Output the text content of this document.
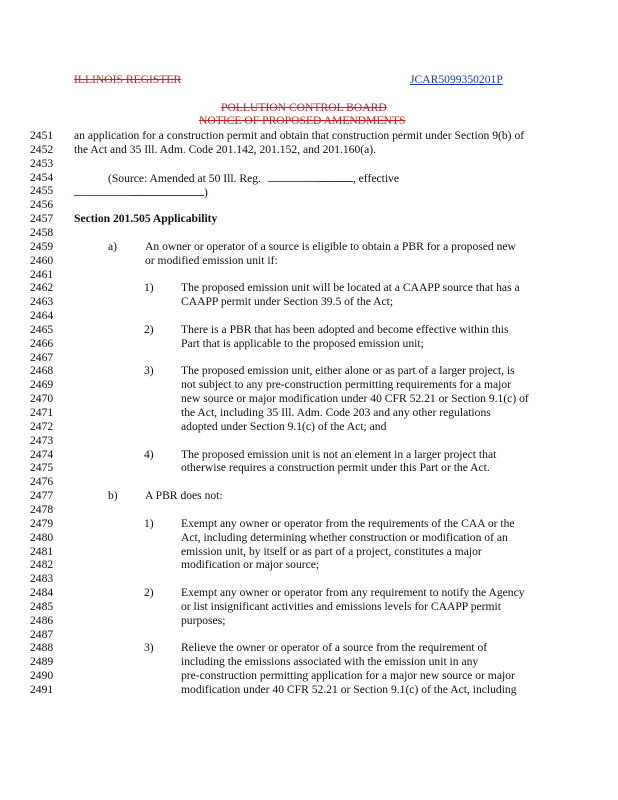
ILLINOIS REGISTER	JCAR5099350201P
POLLUTION CONTROL BOARD
NOTICE OF PROPOSED AMENDMENTS
2451	an application for a construction permit and obtain that construction permit under Section 9(b) of
2452	the Act and 35 Ill. Adm. Code 201.142, 201.152, and 201.160(a).
2453
2454
2455
2456
2457	Section 201.505 Applicability
2458
2459	a) An owner or operator of a source is eligible to obtain a PBR for a proposed new
2460	or modified emission unit if:
2461
2462	1) The proposed emission unit will be located at a CAAPP source that has a
2463	CAAPP permit under Section 39.5 of the Act;
2464
2465	2) There is a PBR that has been adopted and become effective within this
2466	Part that is applicable to the proposed emission unit;
2467
2468	3) The proposed emission unit, either alone or as part of a larger project, is
2469	not subject to any pre-construction permitting requirements for a major
2470	new source or major modification under 40 CFR 52.21 or Section 9.1(c) of
2471	the Act, including 35 Ill. Adm. Code 203 and any other regulations
2472	adopted under Section 9.1(c) of the Act; and
2473
2474	4) The proposed emission unit is not an element in a larger project that
2475	otherwise requires a construction permit under this Part or the Act.
2476
2477	b) A PBR does not:
2478
2479	1) Exempt any owner or operator from the requirements of the CAA or the
2480	Act, including determining whether construction or modification of an
2481	emission unit, by itself or as part of a project, constitutes a major
2482	modification or major source;
2483
2484	2) Exempt any owner or operator from any requirement to notify the Agency
2485	or list insignificant activities and emissions levels for CAAPP permit
2486	purposes;
2487
2488	3) Relieve the owner or operator of a source from the requirement of
2489	including the emissions associated with the emission unit in any
2490	pre-construction permitting application for a major new source or major
2491	modification under 40 CFR 52.21 or Section 9.1(c) of the Act, including
(Source: Amended at 50 Ill. Reg.	, effective
)
